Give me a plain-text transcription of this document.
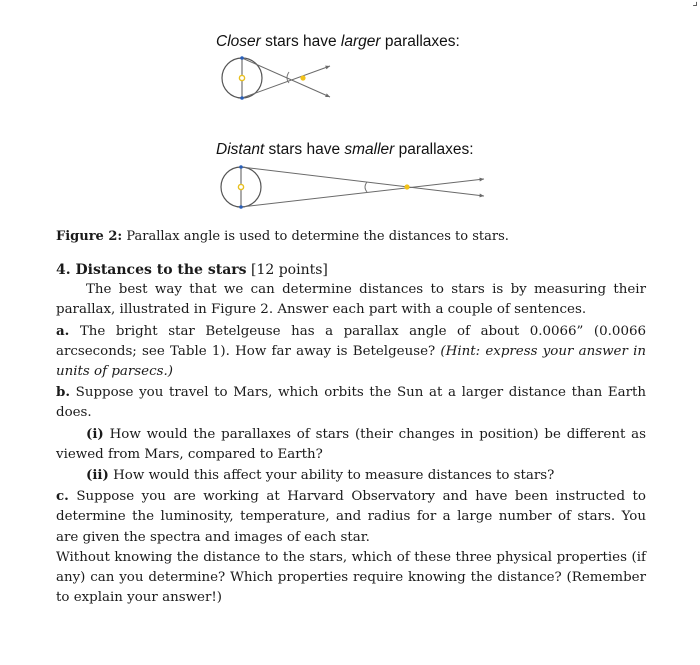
⌟
Closer stars have larger parallaxes:
Distant stars have smaller parallaxes:
Figure 2: Parallax angle is used to determine the distances to stars.

4. Distances to the stars [12 points]

The best way that we can determine distances to stars is by measuring their parallax, illustrated in Figure 2. Answer each part with a couple of sentences.

a. The bright star Betelgeuse has a parallax angle of about 0.0066” (0.0066 arcseconds; see Table 1). How far away is Betelgeuse? (Hint: express your answer in units of parsecs.)

b. Suppose you travel to Mars, which orbits the Sun at a larger distance than Earth does.

(i) How would the parallaxes of stars (their changes in position) be different as viewed from Mars, compared to Earth?

(ii) How would this affect your ability to measure distances to stars?

c. Suppose you are working at Harvard Observatory and have been instructed to determine the luminosity, temperature, and radius for a large number of stars. You are given the spectra and images of each star.

Without knowing the distance to the stars, which of these three physical properties (if any) can you determine? Which properties require knowing the distance? (Remember to explain your answer!)
